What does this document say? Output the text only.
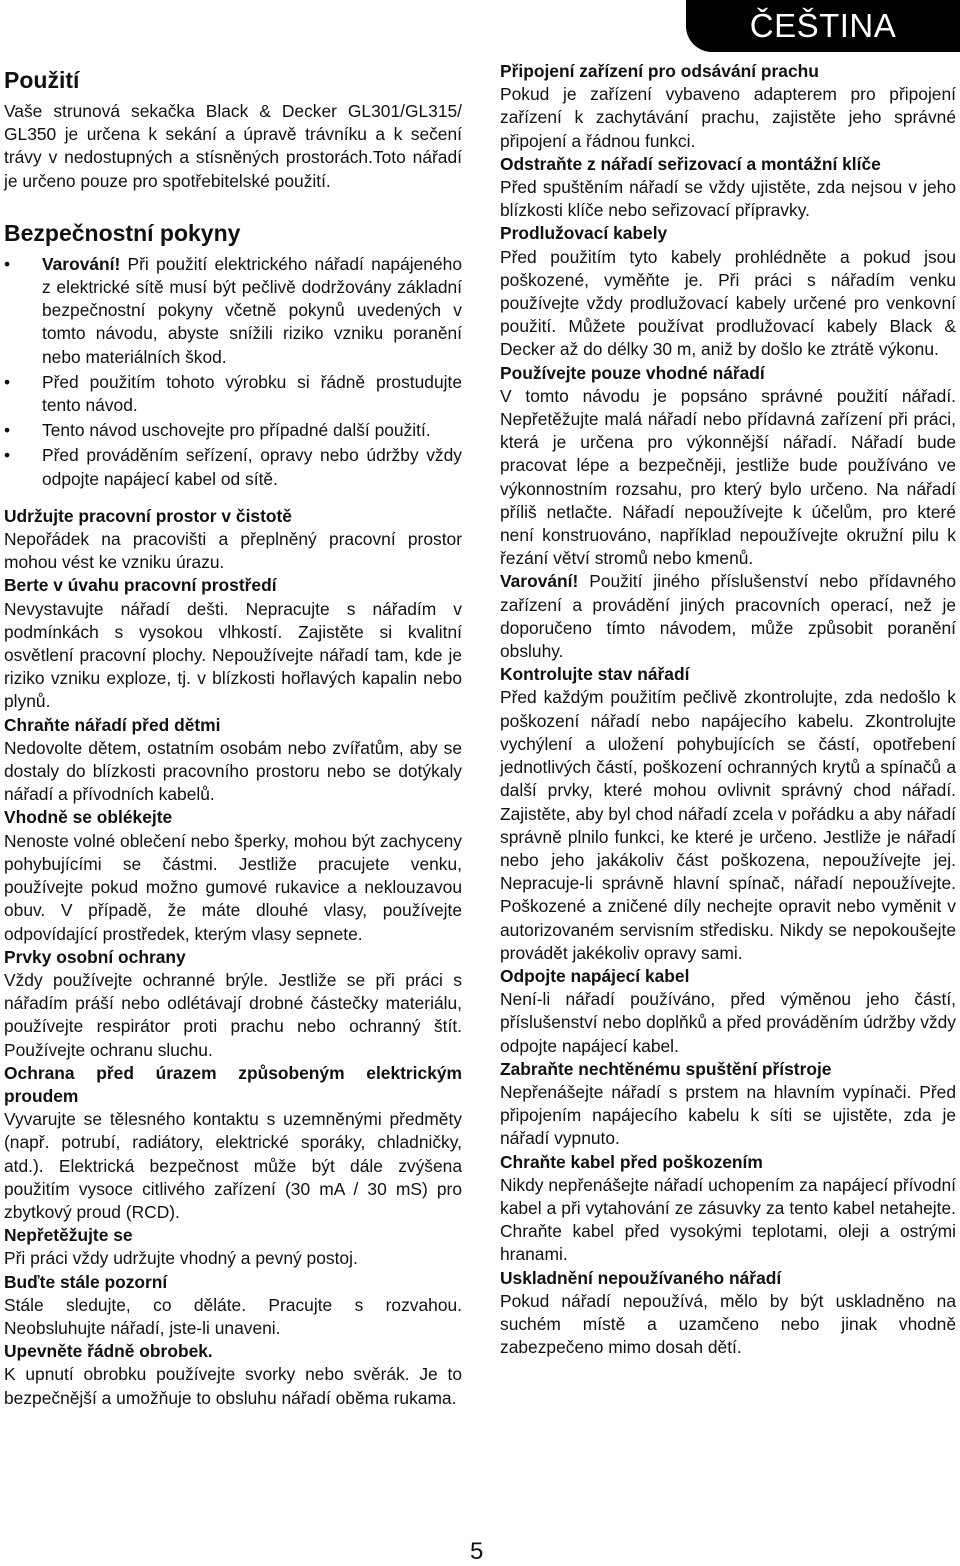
ČEŠTINA
Použití

Vaše strunová sekačka Black & Decker GL301/GL315/ GL350 je určena k sekání a úpravě trávníku a k sečení trávy v nedostupných a stísněných prostorách.Toto nářadí je určeno pouze pro spotřebitelské použití.

Bezpečnostní pokyny
• Varování! Při použití elektrického nářadí napájeného z elektrické sítě musí být pečlivě dodržovány základní bezpečnostní pokyny včetně pokynů uvedených v tomto návodu, abyste snížili riziko vzniku poranění nebo materiálních škod.
• Před použitím tohoto výrobku si řádně prostudujte tento návod.
• Tento návod uschovejte pro případné další použití.
• Před prováděním seřízení, opravy nebo údržby vždy odpojte napájecí kabel od sítě.
Udržujte pracovní prostor v čistotě

Nepořádek na pracovišti a přeplněný pracovní prostor mohou vést ke vzniku úrazu.

Berte v úvahu pracovní prostředí

Nevystavujte nářadí dešti. Nepracujte s nářadím v podmínkách s vysokou vlhkostí. Zajistěte si kvalitní osvětlení pracovní plochy. Nepoužívejte nářadí tam, kde je riziko vzniku exploze, tj. v blízkosti hořlavých kapalin nebo plynů.

Chraňte nářadí před dětmi

Nedovolte dětem, ostatním osobám nebo zvířatům, aby se dostaly do blízkosti pracovního prostoru nebo se dotýkaly nářadí a přívodních kabelů.

Vhodně se oblékejte

Nenoste volné oblečení nebo šperky, mohou být zachyceny pohybujícími se částmi. Jestliže pracujete venku, používejte pokud možno gumové rukavice a neklouzavou obuv. V případě, že máte dlouhé vlasy, používejte odpovídající prostředek, kterým vlasy sepnete.

Prvky osobní ochrany

Vždy používejte ochranné brýle. Jestliže se při práci s nářadím práší nebo odlétávají drobné částečky materiálu, používejte respirátor proti prachu nebo ochranný štít. Používejte ochranu sluchu.

Ochrana před úrazem způsobeným elektrickým proudem

Vyvarujte se tělesného kontaktu s uzemněnými předměty (např. potrubí, radiátory, elektrické sporáky, chladničky, atd.). Elektrická bezpečnost může být dále zvýšena použitím vysoce citlivého zařízení (30 mA / 30 mS) pro zbytkový proud (RCD).

Nepřetěžujte se

Při práci vždy udržujte vhodný a pevný postoj.

Buďte stále pozorní

Stále sledujte, co děláte. Pracujte s rozvahou. Neobsluhujte nářadí, jste-li unaveni.

Upevněte řádně obrobek.

K upnutí obrobku používejte svorky nebo svěrák. Je to bezpečnější a umožňuje to obsluhu nářadí oběma rukama.

Připojení zařízení pro odsávání prachu

Pokud je zařízení vybaveno adapterem pro připojení zařízení k zachytávání prachu, zajistěte jeho správné připojení a řádnou funkci.

Odstraňte z nářadí seřizovací a montážní klíče

Před spuštěním nářadí se vždy ujistěte, zda nejsou v jeho blízkosti klíče nebo seřizovací přípravky.

Prodlužovací kabely

Před použitím tyto kabely prohlédněte a pokud jsou poškozené, vyměňte je. Při práci s nářadím venku používejte vždy prodlužovací kabely určené pro venkovní použití. Můžete používat prodlužovací kabely Black & Decker až do délky 30 m, aniž by došlo ke ztrátě výkonu.

Používejte pouze vhodné nářadí

V tomto návodu je popsáno správné použití nářadí. Nepřetěžujte malá nářadí nebo přídavná zařízení při práci, která je určena pro výkonnější nářadí. Nářadí bude pracovat lépe a bezpečněji, jestliže bude používáno ve výkonnostním rozsahu, pro který bylo určeno. Na nářadí příliš netlačte. Nářadí nepoužívejte k účelům, pro které není konstruováno, například nepoužívejte okružní pilu k řezání větví stromů nebo kmenů.

Varování! Použití jiného příslušenství nebo přídavného zařízení a provádění jiných pracovních operací, než je doporučeno tímto návodem, může způsobit poranění obsluhy.

Kontrolujte stav nářadí

Před každým použitím pečlivě zkontrolujte, zda nedošlo k poškození nářadí nebo napájecího kabelu. Zkontrolujte vychýlení a uložení pohybujících se částí, opotřebení jednotlivých částí, poškození ochranných krytů a spínačů a další prvky, které mohou ovlivnit správný chod nářadí. Zajistěte, aby byl chod nářadí zcela v pořádku a aby nářadí správně plnilo funkci, ke které je určeno. Jestliže je nářadí nebo jeho jakákoliv část poškozena, nepoužívejte jej. Nepracuje-li správně hlavní spínač, nářadí nepoužívejte. Poškozené a zničené díly nechejte opravit nebo vyměnit v autorizovaném servisním středisku. Nikdy se nepokoušejte provádět jakékoliv opravy sami.

Odpojte napájecí kabel

Není-li nářadí používáno, před výměnou jeho částí, příslušenství nebo doplňků a před prováděním údržby vždy odpojte napájecí kabel.

Zabraňte nechtěnému spuštění přístroje

Nepřenášejte nářadí s prstem na hlavním vypínači. Před připojením napájecího kabelu k síti se ujistěte, zda je nářadí vypnuto.

Chraňte kabel před poškozením

Nikdy nepřenášejte nářadí uchopením za napájecí přívodní kabel a při vytahování ze zásuvky za tento kabel netahejte. Chraňte kabel před vysokými teplotami, oleji a ostrými hranami.

Uskladnění nepoužívaného nářadí

Pokud nářadí nepoužívá, mělo by být uskladněno na suchém místě a uzamčeno nebo jinak vhodně zabezpečeno mimo dosah dětí.

5
